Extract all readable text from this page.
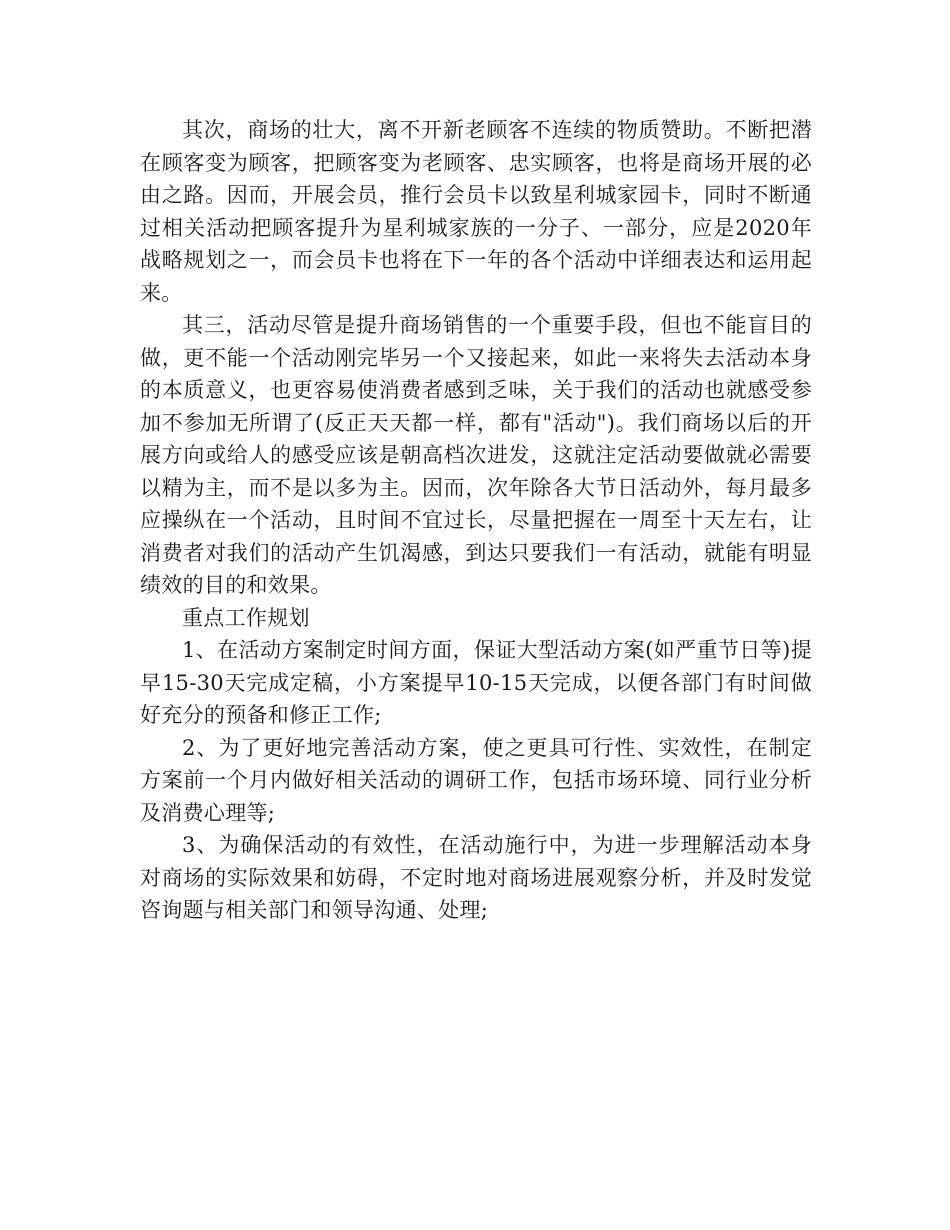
其次，商场的壮大，离不开新老顾客不连续的物质赞助。不断把潜在顾客变为顾客，把顾客变为老顾客、忠实顾客，也将是商场开展的必由之路。因而，开展会员，推行会员卡以致星利城家园卡，同时不断通过相关活动把顾客提升为星利城家族的一分子、一部分，应是2020年战略规划之一，而会员卡也将在下一年的各个活动中详细表达和运用起来。

其三，活动尽管是提升商场销售的一个重要手段，但也不能盲目的做，更不能一个活动刚完毕另一个又接起来，如此一来将失去活动本身的本质意义，也更容易使消费者感到乏味，关于我们的活动也就感受参加不参加无所谓了(反正天天都一样，都有"活动")。我们商场以后的开展方向或给人的感受应该是朝高档次进发，这就注定活动要做就必需要以精为主，而不是以多为主。因而，次年除各大节日活动外，每月最多应操纵在一个活动，且时间不宜过长，尽量把握在一周至十天左右，让消费者对我们的活动产生饥渴感，到达只要我们一有活动，就能有明显绩效的目的和效果。

重点工作规划

1、在活动方案制定时间方面，保证大型活动方案(如严重节日等)提早15-30天完成定稿，小方案提早10-15天完成，以便各部门有时间做好充分的预备和修正工作;

2、为了更好地完善活动方案，使之更具可行性、实效性，在制定方案前一个月内做好相关活动的调研工作，包括市场环境、同行业分析及消费心理等;

3、为确保活动的有效性，在活动施行中，为进一步理解活动本身对商场的实际效果和妨碍，不定时地对商场进展观察分析，并及时发觉咨询题与相关部门和领导沟通、处理;
